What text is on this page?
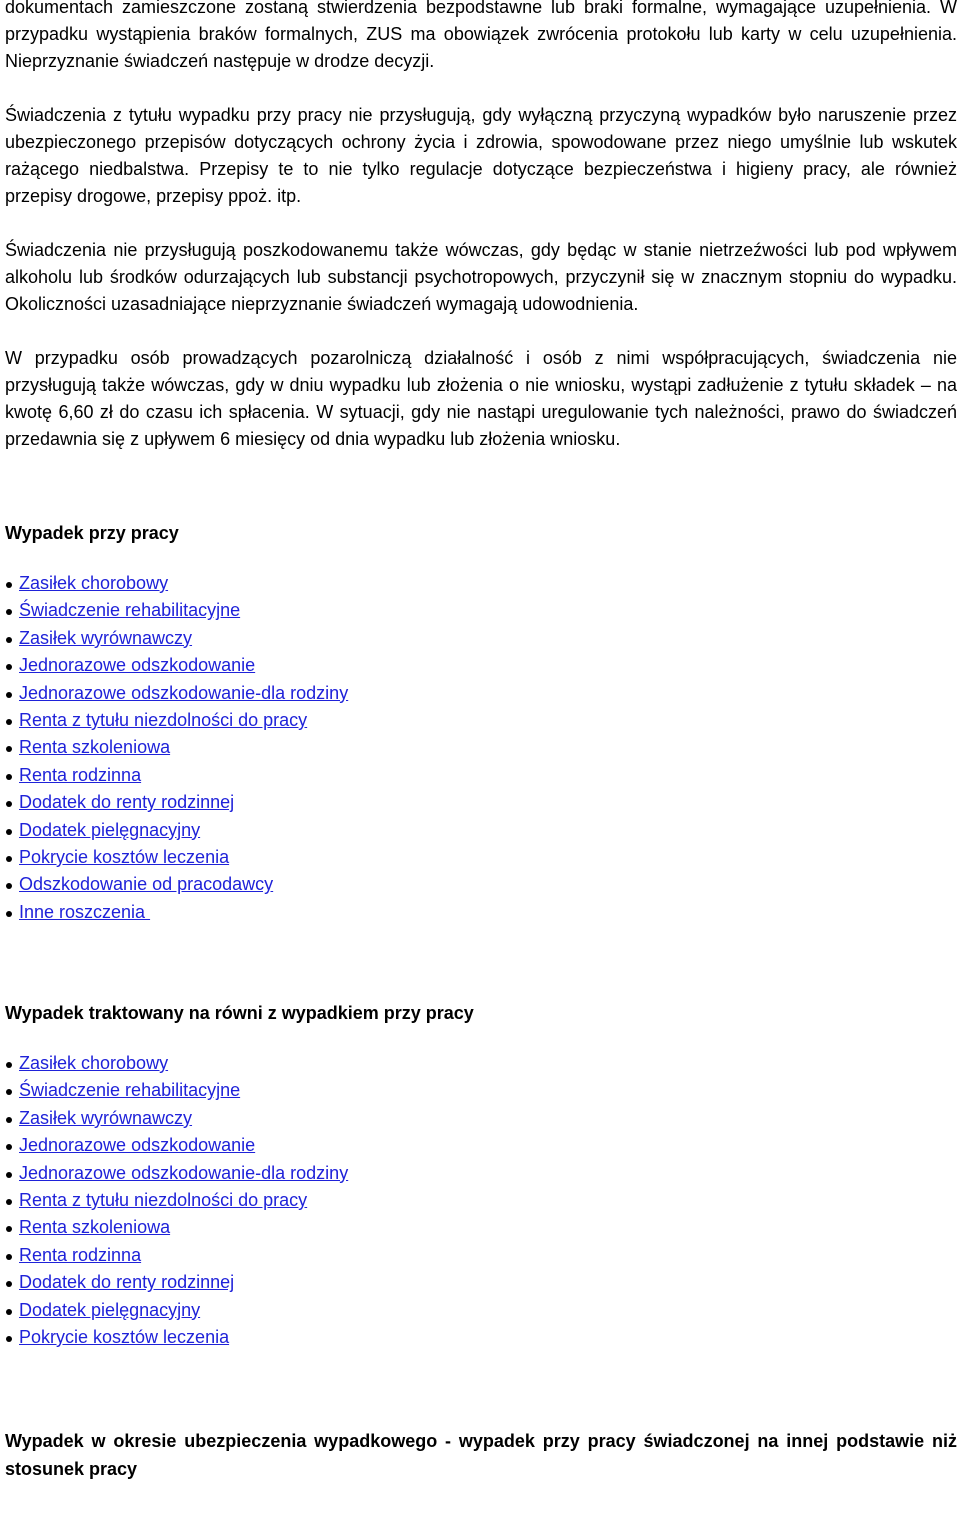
dokumentach zamieszczone zostaną stwierdzenia bezpodstawne lub braki formalne, wymagające uzupełnienia. W przypadku wystąpienia braków formalnych, ZUS ma obowiązek zwrócenia protokołu lub karty w celu uzupełnienia. Nieprzyznanie świadczeń następuje w drodze decyzji.

Świadczenia z tytułu wypadku przy pracy nie przysługują, gdy wyłączną przyczyną wypadków było naruszenie przez ubezpieczonego przepisów dotyczących ochrony życia i zdrowia, spowodowane przez niego umyślnie lub wskutek rażącego niedbalstwa. Przepisy te to nie tylko regulacje dotyczące bezpieczeństwa i higieny pracy, ale również przepisy drogowe, przepisy ppoż. itp.

Świadczenia nie przysługują poszkodowanemu także wówczas, gdy będąc w stanie nietrzeźwości lub pod wpływem alkoholu lub środków odurzających lub substancji psychotropowych, przyczynił się w znacznym stopniu do wypadku. Okoliczności uzasadniające nieprzyznanie świadczeń wymagają udowodnienia.

W przypadku osób prowadzących pozarolniczą działalność i osób z nimi współpracujących, świadczenia nie przysługują także wówczas, gdy w dniu wypadku lub złożenia o nie wniosku, wystąpi zadłużenie z tytułu składek – na kwotę 6,60 zł do czasu ich spłacenia. W sytuacji, gdy nie nastąpi uregulowanie tych należności, prawo do świadczeń przedawnia się z upływem 6 miesięcy od dnia wypadku lub złożenia wniosku.

Wypadek przy pracy
Zasiłek chorobowy
Świadczenie rehabilitacyjne
Zasiłek wyrównawczy
Jednorazowe odszkodowanie
Jednorazowe odszkodowanie-dla rodziny
Renta z tytułu niezdolności do pracy
Renta szkoleniowa
Renta rodzinna
Dodatek do renty rodzinnej
Dodatek pielęgnacyjny
Pokrycie kosztów leczenia
Odszkodowanie od pracodawcy
Inne roszczenia
Wypadek traktowany na równi z wypadkiem przy pracy
Zasiłek chorobowy
Świadczenie rehabilitacyjne
Zasiłek wyrównawczy
Jednorazowe odszkodowanie
Jednorazowe odszkodowanie-dla rodziny
Renta z tytułu niezdolności do pracy
Renta szkoleniowa
Renta rodzinna
Dodatek do renty rodzinnej
Dodatek pielęgnacyjny
Pokrycie kosztów leczenia
Wypadek w okresie ubezpieczenia wypadkowego - wypadek przy pracy świadczonej na innej podstawie niż stosunek pracy
